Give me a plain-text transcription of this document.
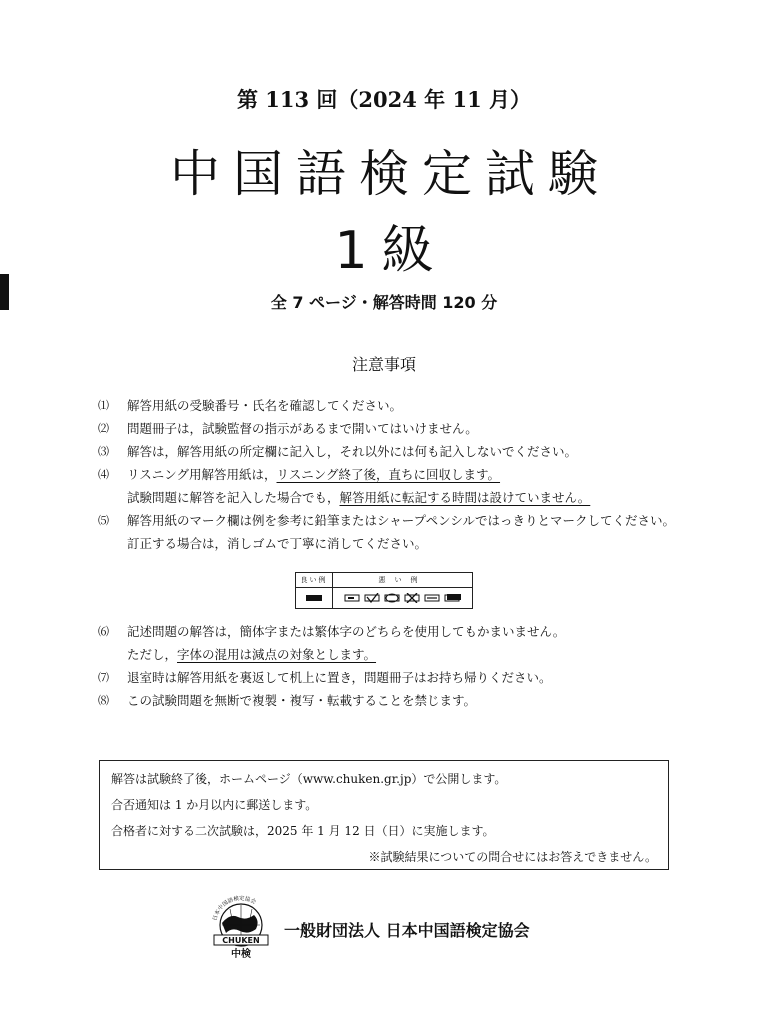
第 113 回（2024 年 11 月）
中国語検定試験
1 級
全 7 ページ・解答時間 120 分
注意事項
⑴	解答用紙の受験番号・氏名を確認してください。
⑵	問題冊子は，試験監督の指示があるまで開いてはいけません。
⑶	解答は，解答用紙の所定欄に記入し，それ以外には何も記入しないでください。
⑷	リスニング用解答用紙は，リスニング終了後，直ちに回収します。
試験問題に解答を記入した場合でも，解答用紙に転記する時間は設けていません。
⑸	解答用紙のマーク欄は例を参考に鉛筆またはシャープペンシルではっきりとマークしてください。訂正する場合は，消しゴムで丁寧に消してください。
良い例	悪い例
⑹	記述問題の解答は，簡体字または繁体字のどちらを使用してもかまいません。
ただし，字体の混用は減点の対象とします。
⑺	退室時は解答用紙を裏返して机上に置き，問題冊子はお持ち帰りください。
⑻	この試験問題を無断で複製・複写・転載することを禁じます。
解答は試験終了後，ホームページ（www.chuken.gr.jp）で公開します。
合否通知は 1 か月以内に郵送します。
合格者に対する二次試験は，2025 年 1 月 12 日（日）に実施します。
※試験結果についての問合せにはお答えできません。
日本中国語検定協会
CHUKEN
中検
一般財団法人 日本中国語検定協会
